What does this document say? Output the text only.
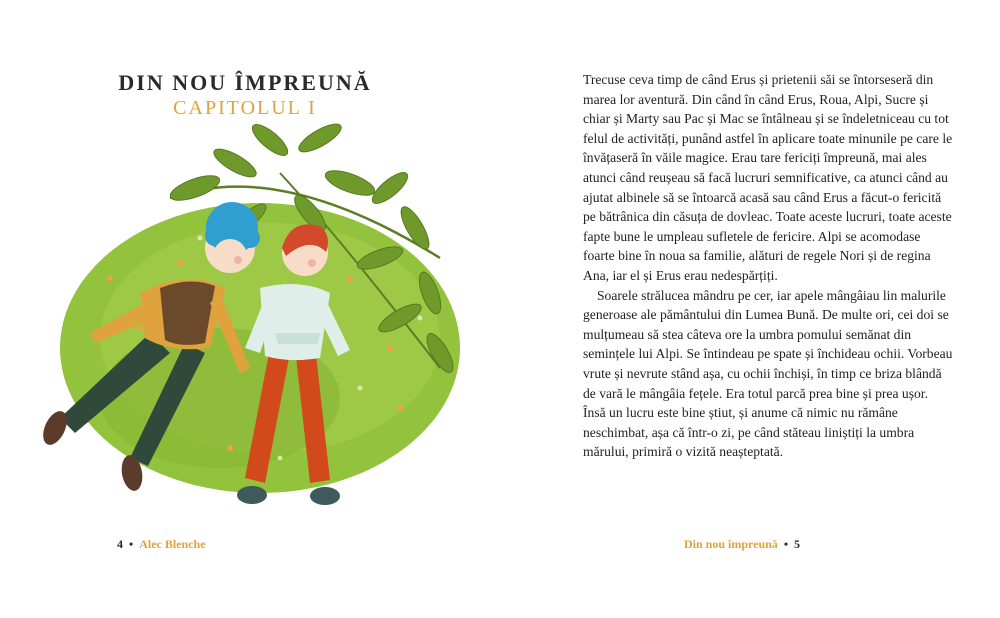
DIN NOU ÎMPREUNĂ
CAPITOLUL I
4 • Alec Blenche

Trecuse ceva timp de când Erus și prietenii săi se întorseseră din marea lor aventură. Din când în când Erus, Roua, Alpi, Sucre și chiar și Marty sau Pac și Mac se întâlneau și se îndeletniceau cu tot felul de activități, punând astfel în aplicare toate minunile pe care le învățaseră în văile magice. Erau tare fericiți împreună, mai ales atunci când reușeau să facă lucruri semnificative, ca atunci când au ajutat albinele să se întoarcă acasă sau când Erus a făcut-o fericită pe bătrânica din căsuța de dovleac. Toate aceste lucruri, toate aceste fapte bune le umpleau sufletele de fericire. Alpi se acomodase foarte bine în noua sa familie, alături de regele Nori și de regina Ana, iar el și Erus erau nedespărțiți.

Soarele strălucea mândru pe cer, iar apele mângâiau lin malurile generoase ale pământului din Lumea Bună. De multe ori, cei doi se mulțumeau să stea câteva ore la umbra pomului semănat din semințele lui Alpi. Se întindeau pe spate și închideau ochii. Vorbeau vrute și nevrute stând așa, cu ochii închiși, în timp ce briza blândă de vară le mângâia fețele. Era totul parcă prea bine și prea ușor. Însă un lucru este bine știut, și anume că nimic nu rămâne neschimbat, așa că într-o zi, pe când stăteau liniștiți la umbra mărului, primiră o vizită neașteptată.

Din nou împreună • 5
